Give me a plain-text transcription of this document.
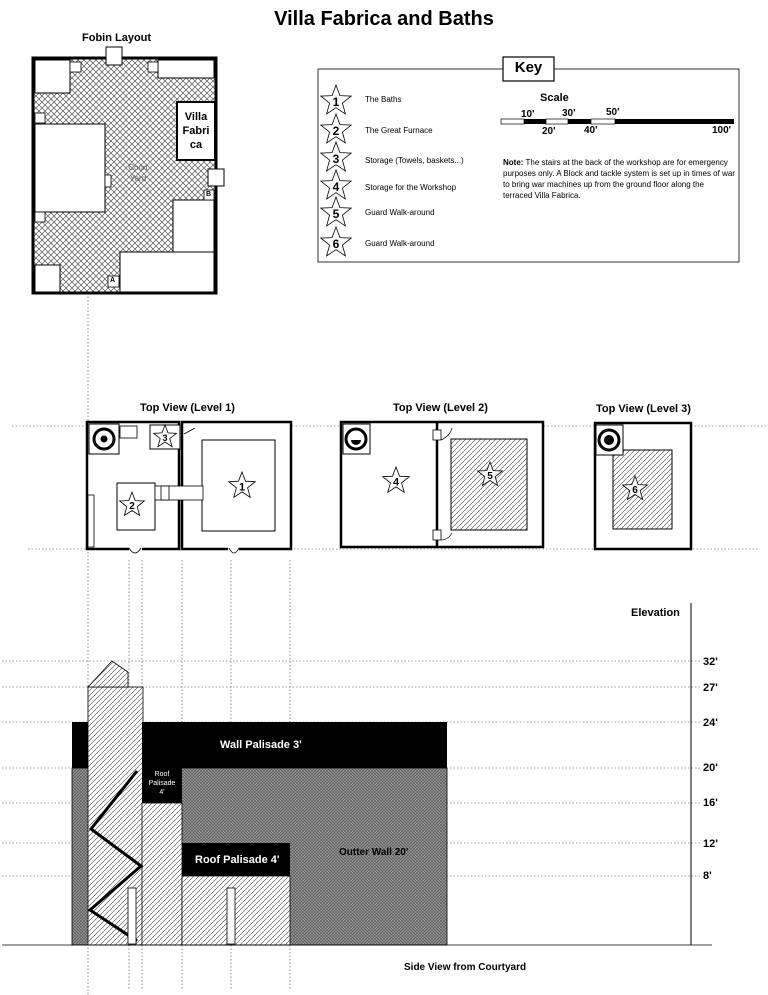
Villa Fabrica and Baths
1
2
3
4
5
6
1
2
3
4	5
6
Fobin Layout
Villa
Fabri
ca
Court
Yard
A
B
Key
The Baths
The Great Furnace
Storage (Towels, baskets...)
Storage for the Workshop
Guard Walk-around
Guard Walk-around
Scale
10'	30'	50'
100'
20'	40'
Note: The stairs at the back of the workshop are for emergency purposes only. A Block and tackle system is set up in times of war to bring war machines up from the ground floor along the terraced Villa Fabrica.
Top View (Level 1)	Top View (Level 2)	Top View (Level 3)
Elevation
32'
27'
24'
20'
16'
12'
8'
Wall Palisade 3'
Roof
Palisade
4'
Roof Palisade 4'
Outter Wall 20'
Side View from Courtyard
